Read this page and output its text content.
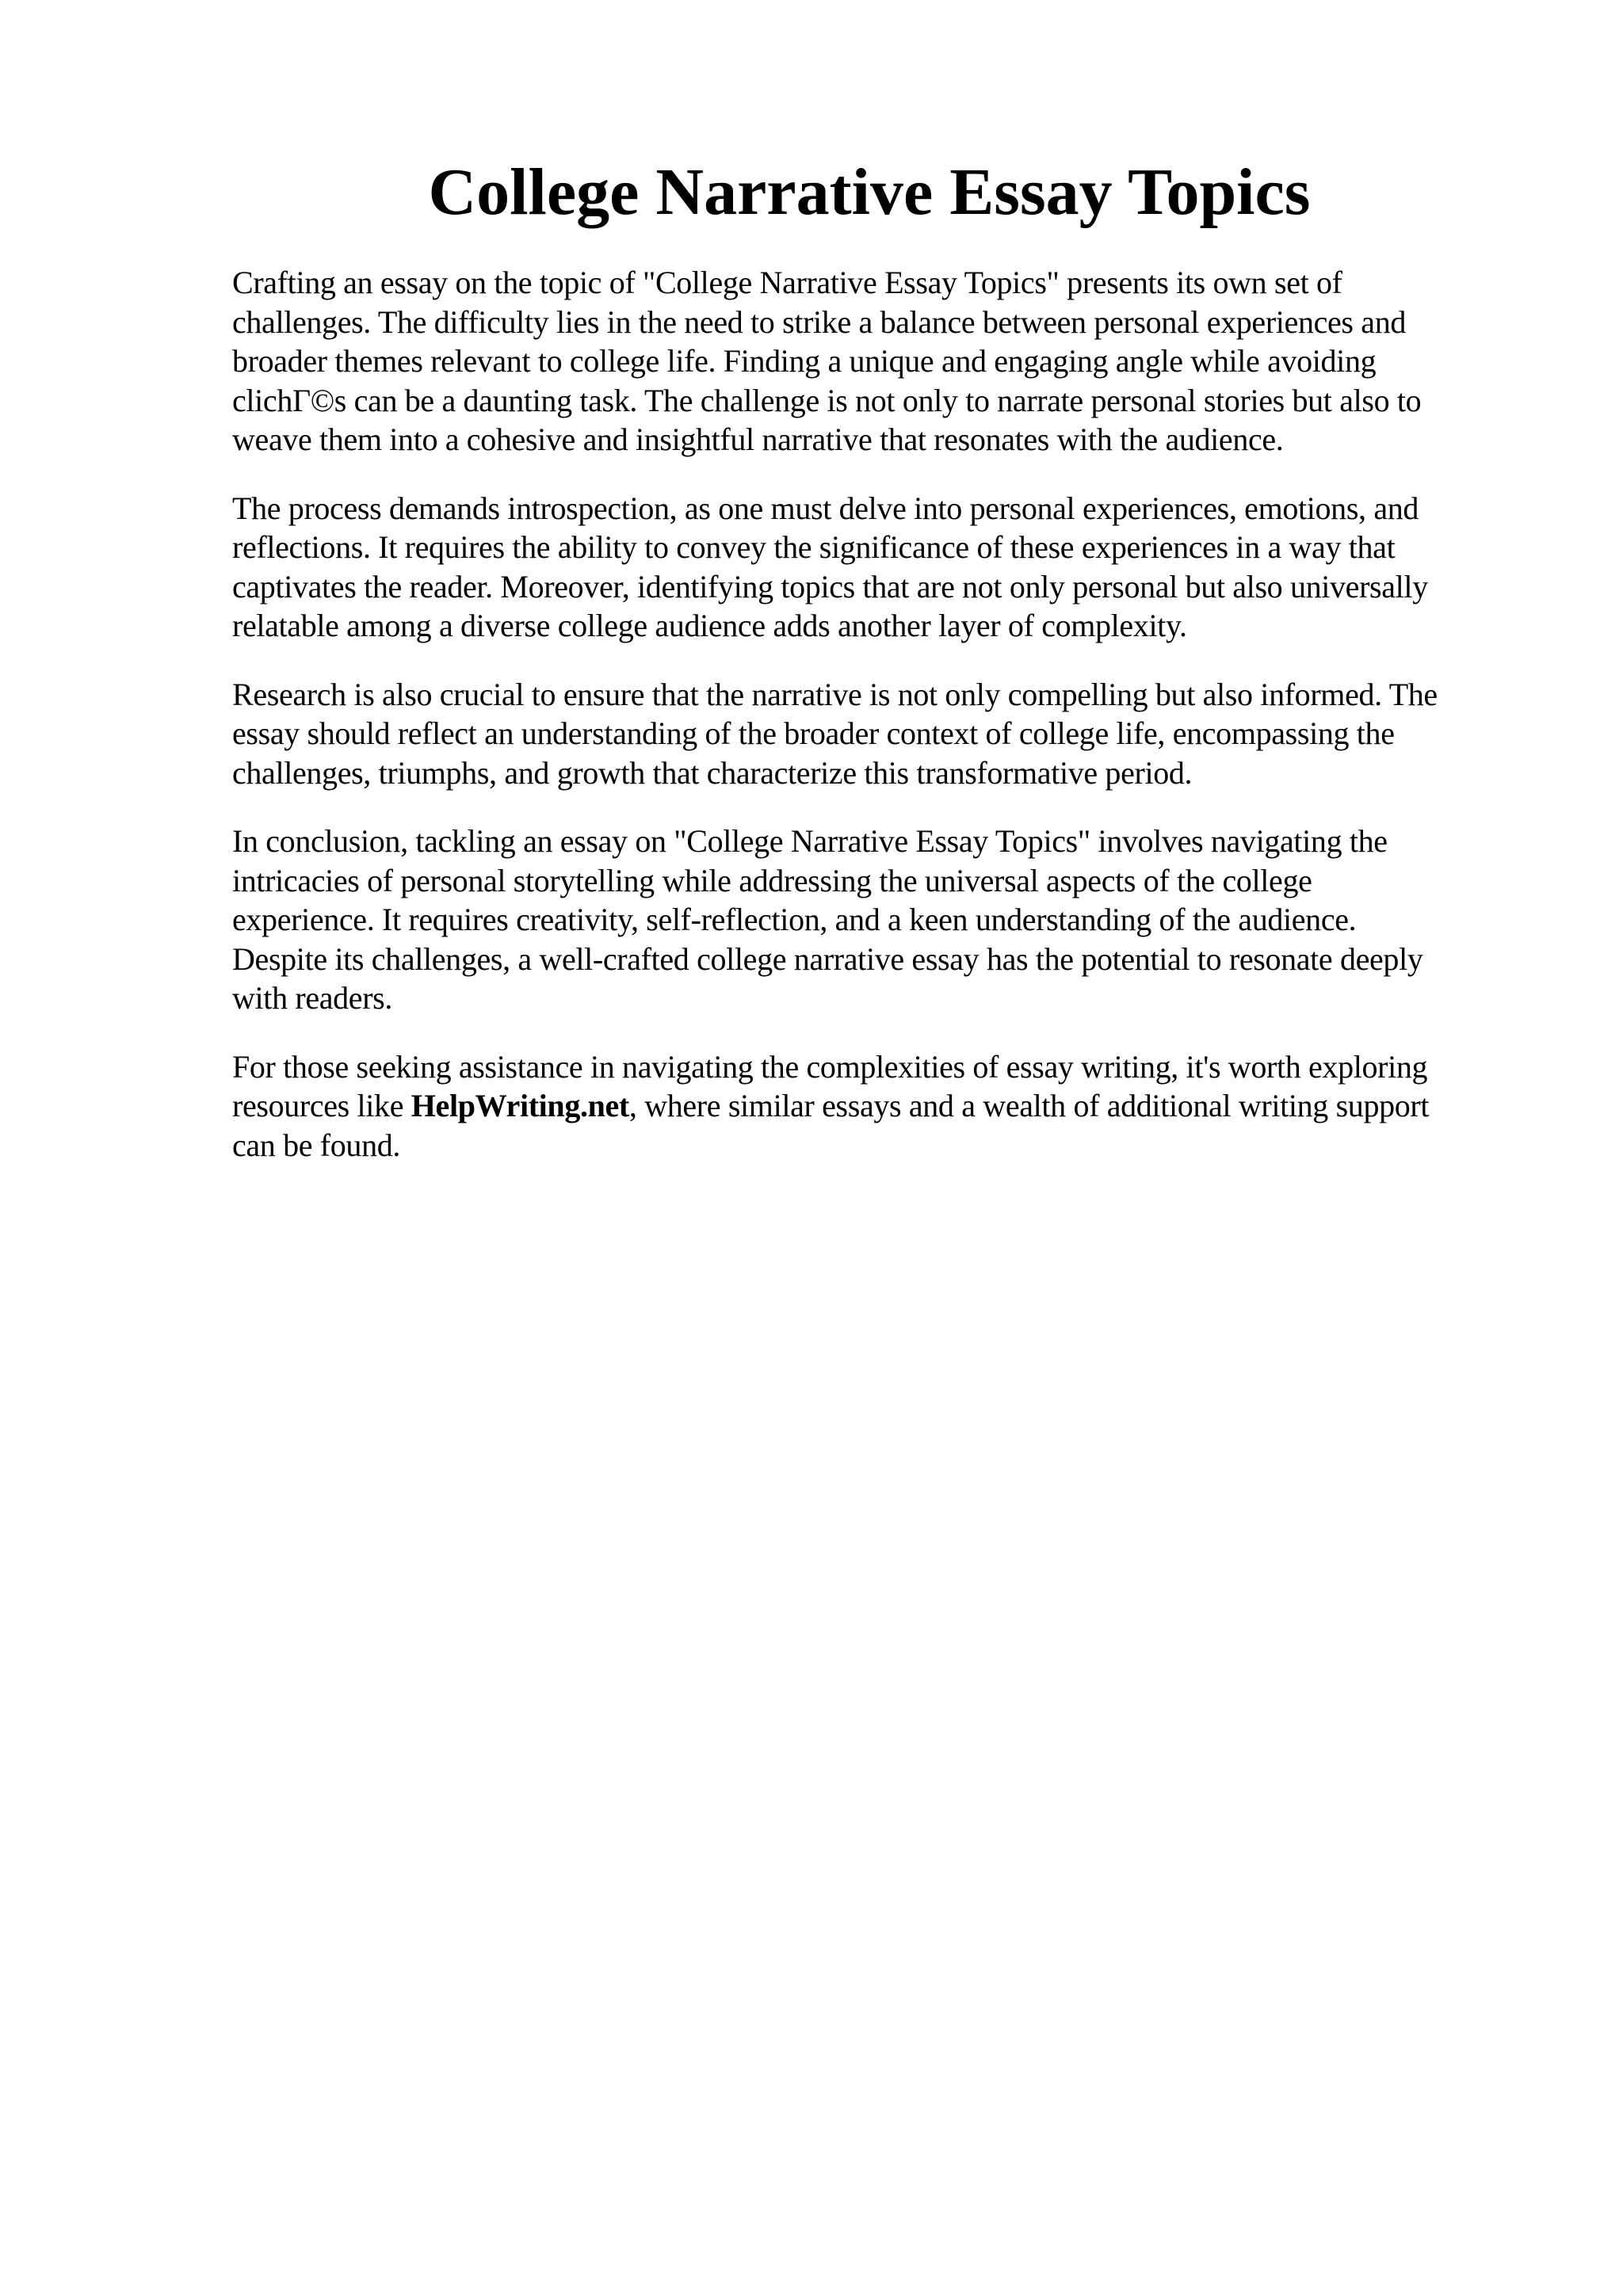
College Narrative Essay Topics

Crafting an essay on the topic of "College Narrative Essay Topics" presents its own set of
challenges. The difficulty lies in the need to strike a balance between personal experiences and
broader themes relevant to college life. Finding a unique and engaging angle while avoiding
clichΓ©s can be a daunting task. The challenge is not only to narrate personal stories but also to
weave them into a cohesive and insightful narrative that resonates with the audience.

The process demands introspection, as one must delve into personal experiences, emotions, and
reflections. It requires the ability to convey the significance of these experiences in a way that
captivates the reader. Moreover, identifying topics that are not only personal but also universally
relatable among a diverse college audience adds another layer of complexity.

Research is also crucial to ensure that the narrative is not only compelling but also informed. The
essay should reflect an understanding of the broader context of college life, encompassing the
challenges, triumphs, and growth that characterize this transformative period.

In conclusion, tackling an essay on "College Narrative Essay Topics" involves navigating the
intricacies of personal storytelling while addressing the universal aspects of the college
experience. It requires creativity, self-reflection, and a keen understanding of the audience.
Despite its challenges, a well-crafted college narrative essay has the potential to resonate deeply
with readers.

For those seeking assistance in navigating the complexities of essay writing, it's worth exploring
resources like HelpWriting.net, where similar essays and a wealth of additional writing support
can be found.
